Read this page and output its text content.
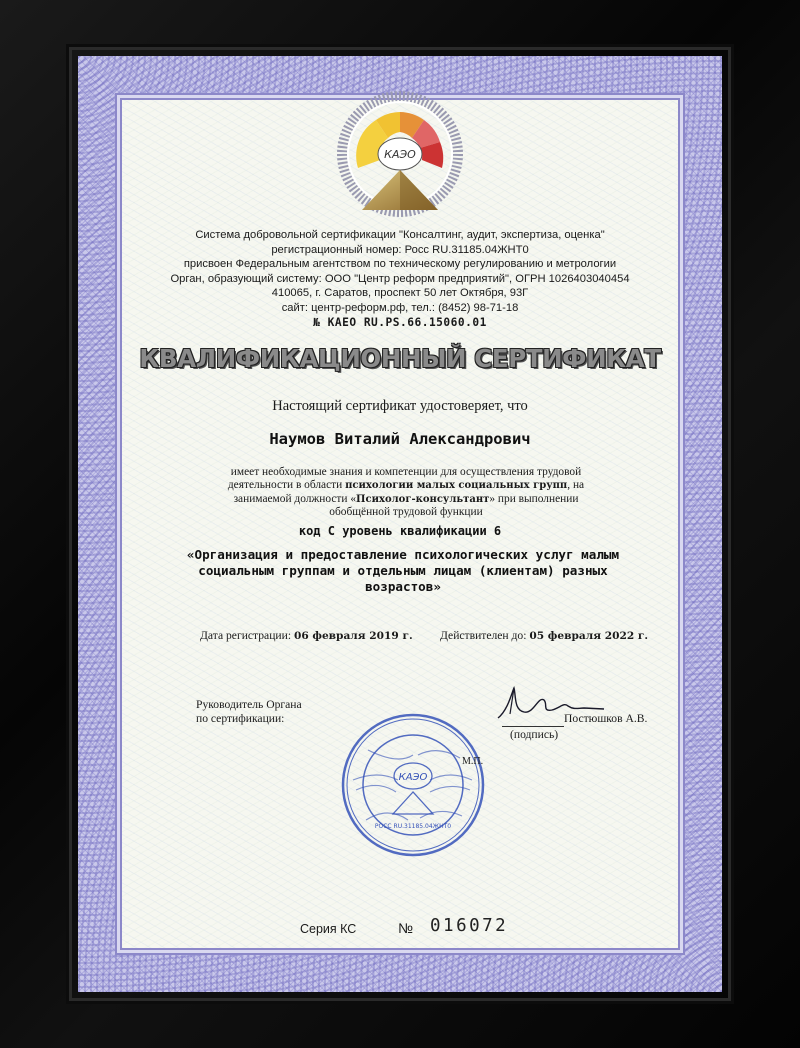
КАЭО
Система добровольной сертификации "Консалтинг, аудит, экспертиза, оценка"
регистрационный номер: Росс RU.31185.04ЖНТ0
присвоен Федеральным агентством по техническому регулированию и метрологии
Орган, образующий систему: ООО "Центр реформ предприятий", ОГРН 1026403040454
410065, г. Саратов, проспект 50 лет Октября, 93Г
сайт: центр-реформ.рф, тел.: (8452) 98-71-18
№ KAEO RU.PS.66.15060.01
КВАЛИФИКАЦИОННЫЙ СЕРТИФИКАТ
Настоящий сертификат удостоверяет, что
Наумов Виталий Александрович
имеет необходимые знания и компетенции для осуществления трудовой деятельности в области психологии малых социальных групп, на занимаемой должности «Психолог-консультант» при выполнении обобщённой трудовой функции
код С уровень квалификации 6
«Организация и предоставление психологических услуг малым социальным группам и отдельным лицам (клиентам) разных возрастов»
Дата регистрации: 06 февраля 2019 г. Действителен до: 05 февраля 2022 г.
Руководитель Органа
по сертификации:
КАЭО
РОСС RU.31185.04ЖНТ0
Постюшков А.В.
(подпись)
М.П.
Серия КС	№ 016072
